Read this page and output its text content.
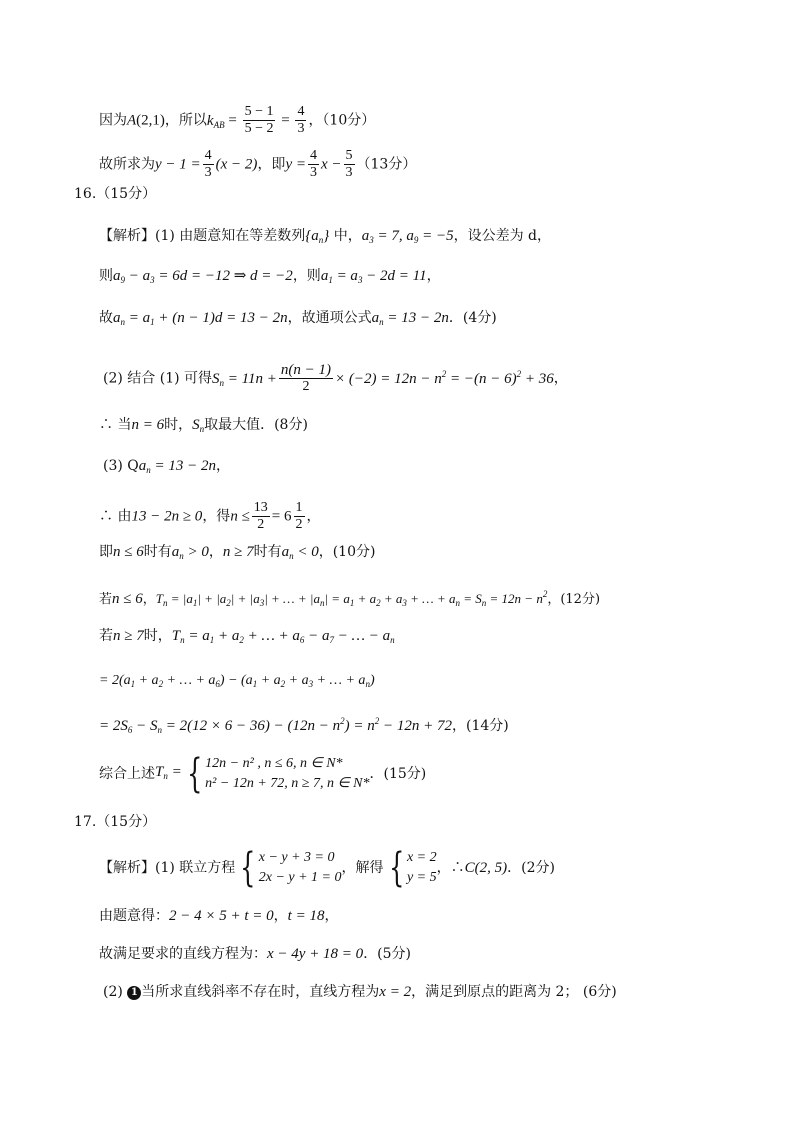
因为A(2,1)，所以$k_{AB} = \frac{5 - 1}{5 - 2} = \frac{4}{3}$ ，（10分）
故所求为$y - 1 = \frac{4}{3} (x - 2)$，即$y = \frac{4}{3}$ $x - \frac{5}{3} (13$分）
16.（15分）
【解析】(1) 由题意知在等差数列$\{a_n\}$ 中，$a_3 = 7$, $a_9 = -5$，设公差为 d，
则$a_9 - a_3 = 6d = -12$ ⇒ d = −2，则$a_1 = a_3 - 2d = 11$，
故$a_n = a_1 + (n - 1)d = 13 - 2n$，故通项公式$a_n = 13 - 2n$．(4分)
(2) 结合 (1) 可得$S_n = 11n + \frac{n(n - 1)}{2} \times (-2) = 12n - n^2 = -(n - 6)^2 + 36$，
∴ 当n = 6时，$S_n$取最大值．(8分)
(3) $Qa_n = 13 - 2n$，
∴ 由13 − 2n ≥ 0，得$n \le \frac{13}{2} = 6 \frac{1}{2}$ ，
即n ≤ 6时有$a_n > 0$，n ≥ 7时有$a_n < 0$，(10分)
若n ≤ 6，$T_n = |a_1| + |a_2| + |a_3|$ + … + $|a_n| = a_1 + a_2 + a_3$ + … + $a_n = S_n = 12n - n^2$，(12分)
若n ≥ 7时，$T_n = a_1 + a_2$ + … + $a_6 - a_7$ − … − $a_n$
= $2(a_1 + a_2$ + … + $a_6) - (a_1 + a_2 + a_3$ + … + $a_n$)
= $2S_6 - S_n = 2(12 \times 6 - 36) - (12n - n^2) = n^2 - 12n + 72$，(14分)
综合上述 $T_n$ = { 12n − n² , n ≤ 6, n ∈ N*
n² − 12n + 72, n ≥ 7, n ∈ N*
．(15分)
17.（15分）
【解析】(1) 联立方程 { x − y + 3 = 0
2x − y + 1 = 0
，解得 { x = 2
y = 5
，∴ C(2, 5) ．(2分)
由题意得：2 − 4 × 5 + t = 0，t = 18，
故满足要求的直线方程为：x − 4y + 18 = 0．(5分)
(2) 1 当所求直线斜率不存在时，直线方程为x = 2，满足到原点的距离为 2； (6分)
